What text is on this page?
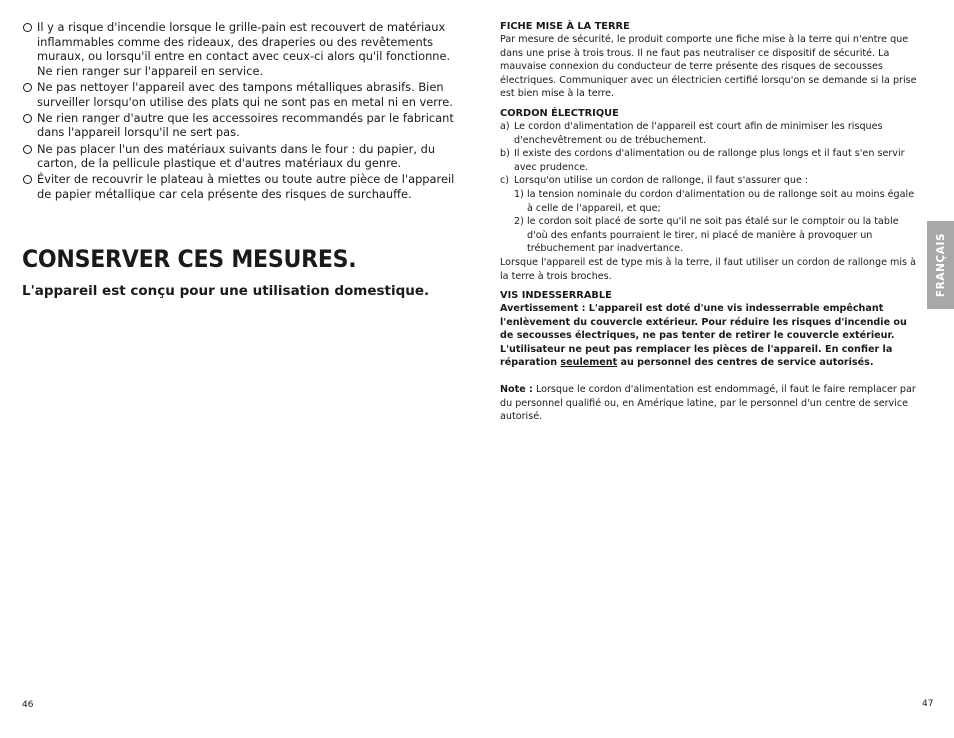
Il y a risque d'incendie lorsque le grille-pain est recouvert de matériaux inflammables comme des rideaux, des draperies ou des revêtements muraux, ou lorsqu'il entre en contact avec ceux-ci alors qu'il fonctionne. Ne rien ranger sur l'appareil en service.
Ne pas nettoyer l'appareil avec des tampons métalliques abrasifs. Bien surveiller lorsqu'on utilise des plats qui ne sont pas en metal ni en verre.
Ne rien ranger d'autre que les accessoires recommandés par le fabricant dans l'appareil lorsqu'il ne sert pas.
Ne pas placer l'un des matériaux suivants dans le four : du papier, du carton, de la pellicule plastique et d'autres matériaux du genre.
Éviter de recouvrir le plateau à miettes ou toute autre pièce de l'appareil de papier métallique car cela présente des risques de surchauffe.
CONSERVER CES MESURES.
L'appareil est conçu pour une utilisation domestique.
46

FICHE MISE À LA TERRE

Par mesure de sécurité, le produit comporte une fiche mise à la terre qui n'entre que dans une prise à trois trous. Il ne faut pas neutraliser ce dispositif de sécurité. La mauvaise connexion du conducteur de terre présente des risques de secousses électriques. Communiquer avec un électricien certifié lorsqu'on se demande si la prise est bien mise à la terre.

CORDON ÉLECTRIQUE

a) Le cordon d'alimentation de l'appareil est court afin de minimiser les risques d'enchevêtrement ou de trébuchement.
b) Il existe des cordons d'alimentation ou de rallonge plus longs et il faut s'en servir avec prudence.
c) Lorsqu'on utilise un cordon de rallonge, il faut s'assurer que :
1) la tension nominale du cordon d'alimentation ou de rallonge soit au moins égale à celle de l'appareil, et que;
2) le cordon soit placé de sorte qu'il ne soit pas étalé sur le comptoir ou la table d'où des enfants pourraient le tirer, ni placé de manière à provoquer un trébuchement par inadvertance.

Lorsque l'appareil est de type mis à la terre, il faut utiliser un cordon de rallonge mis à la terre à trois broches.

VIS INDESSERRABLE

Avertissement : L'appareil est doté d'une vis indesserrable empêchant l'enlèvement du couvercle extérieur. Pour réduire les risques d'incendie ou de secousses électriques, ne pas tenter de retirer le couvercle extérieur. L'utilisateur ne peut pas remplacer les pièces de l'appareil. En confier la réparation seulement au personnel des centres de service autorisés.

Note : Lorsque le cordon d'alimentation est endommagé, il faut le faire remplacer par du personnel qualifié ou, en Amérique latine, par le personnel d'un centre de service autorisé.

47
FRANÇAIS
